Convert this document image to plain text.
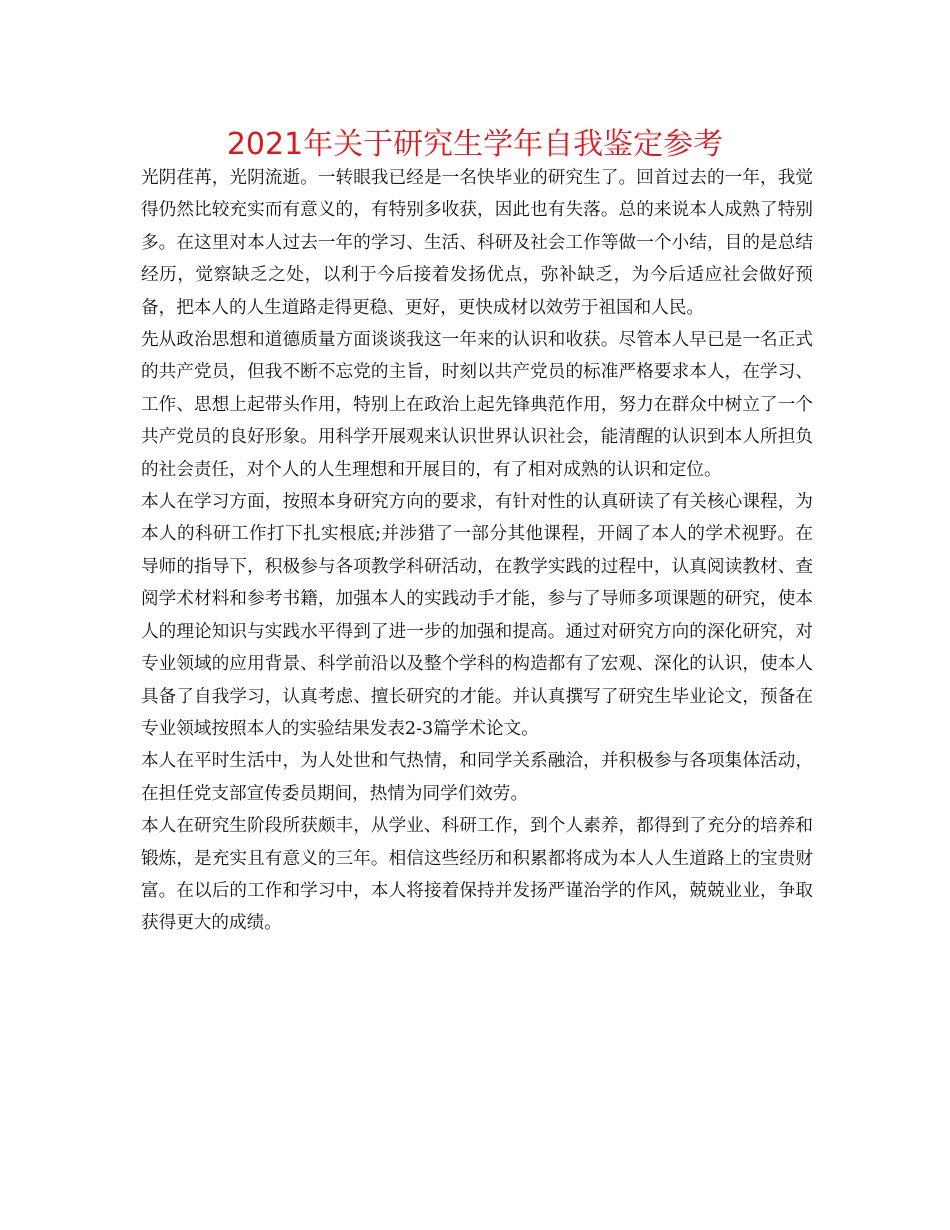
2021年关于研究生学年自我鉴定参考

光阴荏苒，光阴流逝。一转眼我已经是一名快毕业的研究生了。回首过去的一年，我觉得仍然比较充实而有意义的，有特别多收获，因此也有失落。总的来说本人成熟了特别多。在这里对本人过去一年的学习、生活、科研及社会工作等做一个小结，目的是总结经历，觉察缺乏之处，以利于今后接着发扬优点，弥补缺乏，为今后适应社会做好预备，把本人的人生道路走得更稳、更好，更快成材以效劳于祖国和人民。

先从政治思想和道德质量方面谈谈我这一年来的认识和收获。尽管本人早已是一名正式的共产党员，但我不断不忘党的主旨，时刻以共产党员的标准严格要求本人，在学习、工作、思想上起带头作用，特别上在政治上起先锋典范作用，努力在群众中树立了一个共产党员的良好形象。用科学开展观来认识世界认识社会，能清醒的认识到本人所担负的社会责任，对个人的人生理想和开展目的，有了相对成熟的认识和定位。

本人在学习方面，按照本身研究方向的要求，有针对性的认真研读了有关核心课程，为本人的科研工作打下扎实根底;并涉猎了一部分其他课程，开阔了本人的学术视野。在导师的指导下，积极参与各项教学科研活动，在教学实践的过程中，认真阅读教材、查阅学术材料和参考书籍，加强本人的实践动手才能，参与了导师多项课题的研究，使本人的理论知识与实践水平得到了进一步的加强和提高。通过对研究方向的深化研究，对专业领域的应用背景、科学前沿以及整个学科的构造都有了宏观、深化的认识，使本人具备了自我学习，认真考虑、擅长研究的才能。并认真撰写了研究生毕业论文，预备在专业领域按照本人的实验结果发表2-3篇学术论文。

本人在平时生活中，为人处世和气热情，和同学关系融洽，并积极参与各项集体活动，在担任党支部宣传委员期间，热情为同学们效劳。

本人在研究生阶段所获颇丰，从学业、科研工作，到个人素养，都得到了充分的培养和锻炼，是充实且有意义的三年。相信这些经历和积累都将成为本人人生道路上的宝贵财富。在以后的工作和学习中，本人将接着保持并发扬严谨治学的作风，兢兢业业，争取获得更大的成绩。
